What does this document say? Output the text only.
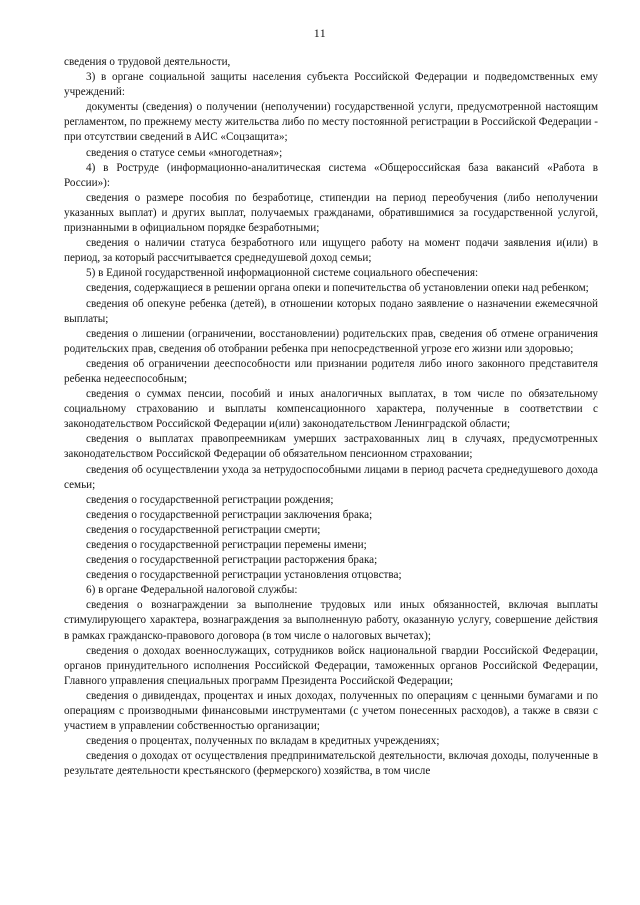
11

сведения о трудовой деятельности,

3) в органе социальной защиты населения субъекта Российской Федерации и подведомственных ему учреждений:

документы (сведения) о получении (неполучении) государственной услуги, предусмотренной настоящим регламентом, по прежнему месту жительства либо по месту постоянной регистрации в Российской Федерации - при отсутствии сведений в АИС «Соцзащита»;

сведения о статусе семьи «многодетная»;

4) в Роструде (информационно-аналитическая система «Общероссийская база вакансий «Работа в России»):

сведения о размере пособия по безработице, стипендии на период переобучения (либо неполучении указанных выплат) и других выплат, получаемых гражданами, обратившимися за государственной услугой, признанными в официальном порядке безработными;

сведения о наличии статуса безработного или ищущего работу на момент подачи заявления и(или) в период, за который рассчитывается среднедушевой доход семьи;

5) в Единой государственной информационной системе социального обеспечения:

сведения, содержащиеся в решении органа опеки и попечительства об установлении опеки над ребенком;

сведения об опекуне ребенка (детей), в отношении которых подано заявление о назначении ежемесячной выплаты;

сведения о лишении (ограничении, восстановлении) родительских прав, сведения об отмене ограничения родительских прав, сведения об отобрании ребенка при непосредственной угрозе его жизни или здоровью;

сведения об ограничении дееспособности или признании родителя либо иного законного представителя ребенка недееспособным;

сведения о суммах пенсии, пособий и иных аналогичных выплатах, в том числе по обязательному социальному страхованию и выплаты компенсационного характера, полученные в соответствии с законодательством Российской Федерации и(или) законодательством Ленинградской области;

сведения о выплатах правопреемникам умерших застрахованных лиц в случаях, предусмотренных законодательством Российской Федерации об обязательном пенсионном страховании;

сведения об осуществлении ухода за нетрудоспособными лицами в период расчета среднедушевого дохода семьи;

сведения о государственной регистрации рождения;

сведения о государственной регистрации заключения брака;

сведения о государственной регистрации смерти;

сведения о государственной регистрации перемены имени;

сведения о государственной регистрации расторжения брака;

сведения о государственной регистрации установления отцовства;

6) в органе Федеральной налоговой службы:

сведения о вознаграждении за выполнение трудовых или иных обязанностей, включая выплаты стимулирующего характера, вознаграждения за выполненную работу, оказанную услугу, совершение действия в рамках гражданско-правового договора (в том числе о налоговых вычетах);

сведения о доходах военнослужащих, сотрудников войск национальной гвардии Российской Федерации, органов принудительного исполнения Российской Федерации, таможенных органов Российской Федерации, Главного управления специальных программ Президента Российской Федерации;

сведения о дивидендах, процентах и иных доходах, полученных по операциям с ценными бумагами и по операциям с производными финансовыми инструментами (с учетом понесенных расходов), а также в связи с участием в управлении собственностью организации;

сведения о процентах, полученных по вкладам в кредитных учреждениях;

сведения о доходах от осуществления предпринимательской деятельности, включая доходы, полученные в результате деятельности крестьянского (фермерского) хозяйства, в том числе
